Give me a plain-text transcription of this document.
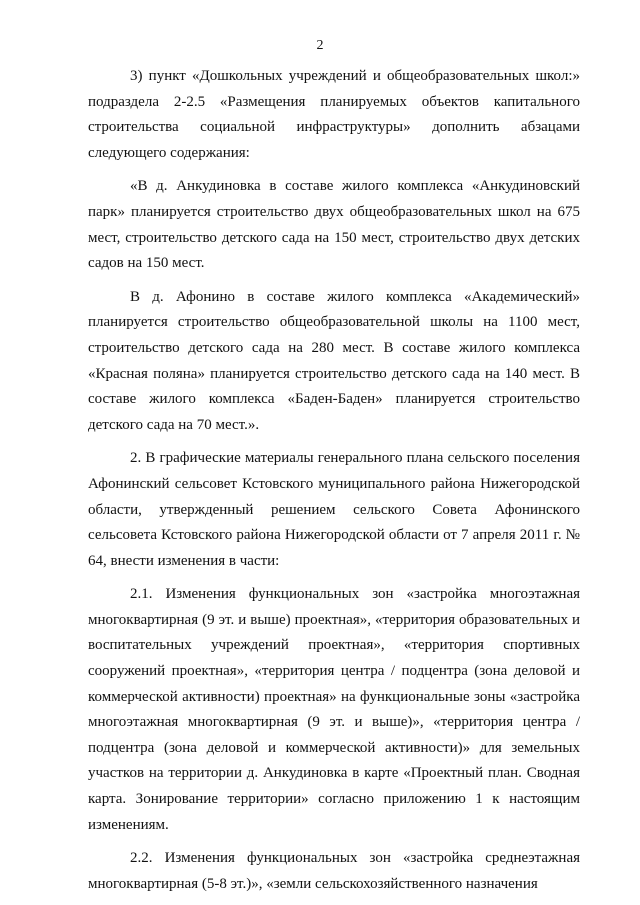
2

3) пункт «Дошкольных учреждений и общеобразовательных школ:» подраздела 2-2.5 «Размещения планируемых объектов капитального строительства социальной инфраструктуры» дополнить абзацами следующего содержания:

«В д. Анкудиновка в составе жилого комплекса «Анкудиновский парк» планируется строительство двух общеобразовательных школ на 675 мест, строительство детского сада на 150 мест, строительство двух детских садов на 150 мест.

В д. Афонино в составе жилого комплекса «Академический» планируется строительство общеобразовательной школы на 1100 мест, строительство детского сада на 280 мест. В составе жилого комплекса «Красная поляна» планируется строительство детского сада на 140 мест. В составе жилого комплекса «Баден-Баден» планируется строительство детского сада на 70 мест.».

2. В графические материалы генерального плана сельского поселения Афонинский сельсовет Кстовского муниципального района Нижегородской области, утвержденный решением сельского Совета Афонинского сельсовета Кстовского района Нижегородской области от 7 апреля 2011 г. № 64, внести изменения в части:

2.1. Изменения функциональных зон «застройка многоэтажная многоквартирная (9 эт. и выше) проектная», «территория образовательных и воспитательных учреждений проектная», «территория спортивных сооружений проектная», «территория центра / подцентра (зона деловой и коммерческой активности) проектная» на функциональные зоны «застройка многоэтажная многоквартирная (9 эт. и выше)», «территория центра / подцентра (зона деловой и коммерческой активности)» для земельных участков на территории д. Анкудиновка в карте «Проектный план. Сводная карта. Зонирование территории» согласно приложению 1 к настоящим изменениям.

2.2. Изменения функциональных зон «застройка среднеэтажная многоквартирная (5-8 эт.)», «земли сельскохозяйственного назначения
